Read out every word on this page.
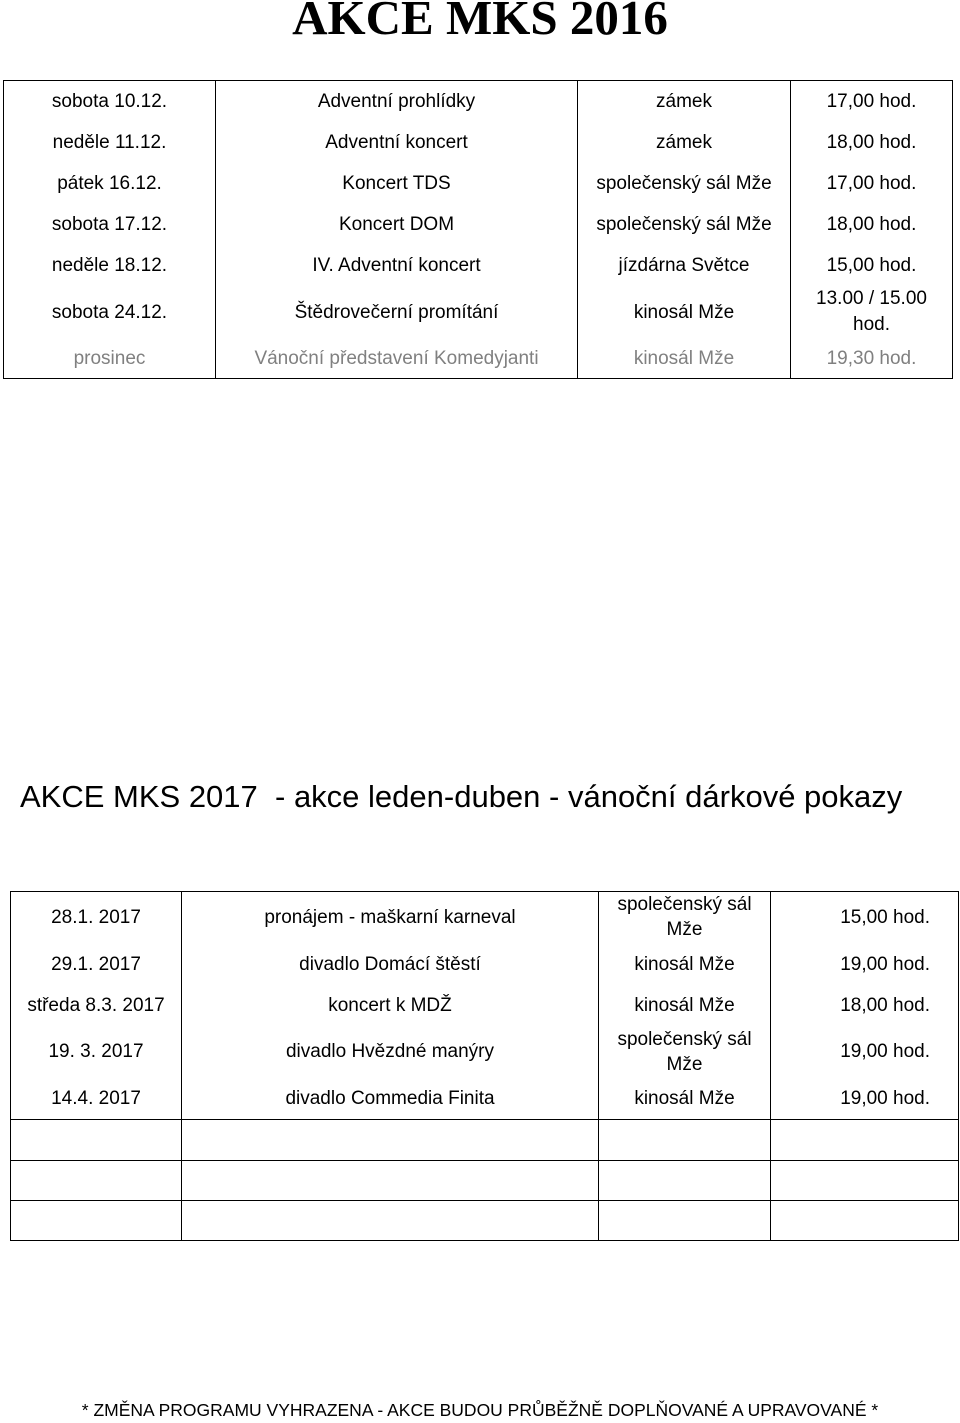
AKCE MKS 2016
sobota 10.12.	Adventní prohlídky	zámek	17,00 hod.
neděle 11.12.	Adventní koncert	zámek	18,00 hod.
pátek 16.12.	Koncert TDS	společenský sál Mže	17,00 hod.
sobota 17.12.	Koncert DOM	společenský sál Mže	18,00 hod.
neděle 18.12.	IV. Adventní koncert	jízdárna Světce	15,00 hod.
sobota 24.12.	Štědrovečerní promítání	kinosál Mže	13.00 / 15.00 hod.
prosinec	Vánoční představení Komedyjanti	kinosál Mže	19,30 hod.
AKCE MKS 2017  - akce leden-duben - vánoční dárkové pokazy
28.1. 2017	pronájem - maškarní karneval	společenský sál Mže	15,00 hod.
29.1. 2017	divadlo Domácí štěstí	kinosál Mže	19,00 hod.
středa 8.3. 2017	koncert k MDŽ	kinosál Mže	18,00 hod.
19. 3. 2017	divadlo Hvězdné manýry	společenský sál Mže	19,00 hod.
14.4. 2017	divadlo Commedia Finita	kinosál Mže	19,00 hod.

* ZMĚNA PROGRAMU VYHRAZENA - AKCE BUDOU PRŮBĚŽNĚ DOPLŇOVANÉ A UPRAVOVANÉ *
